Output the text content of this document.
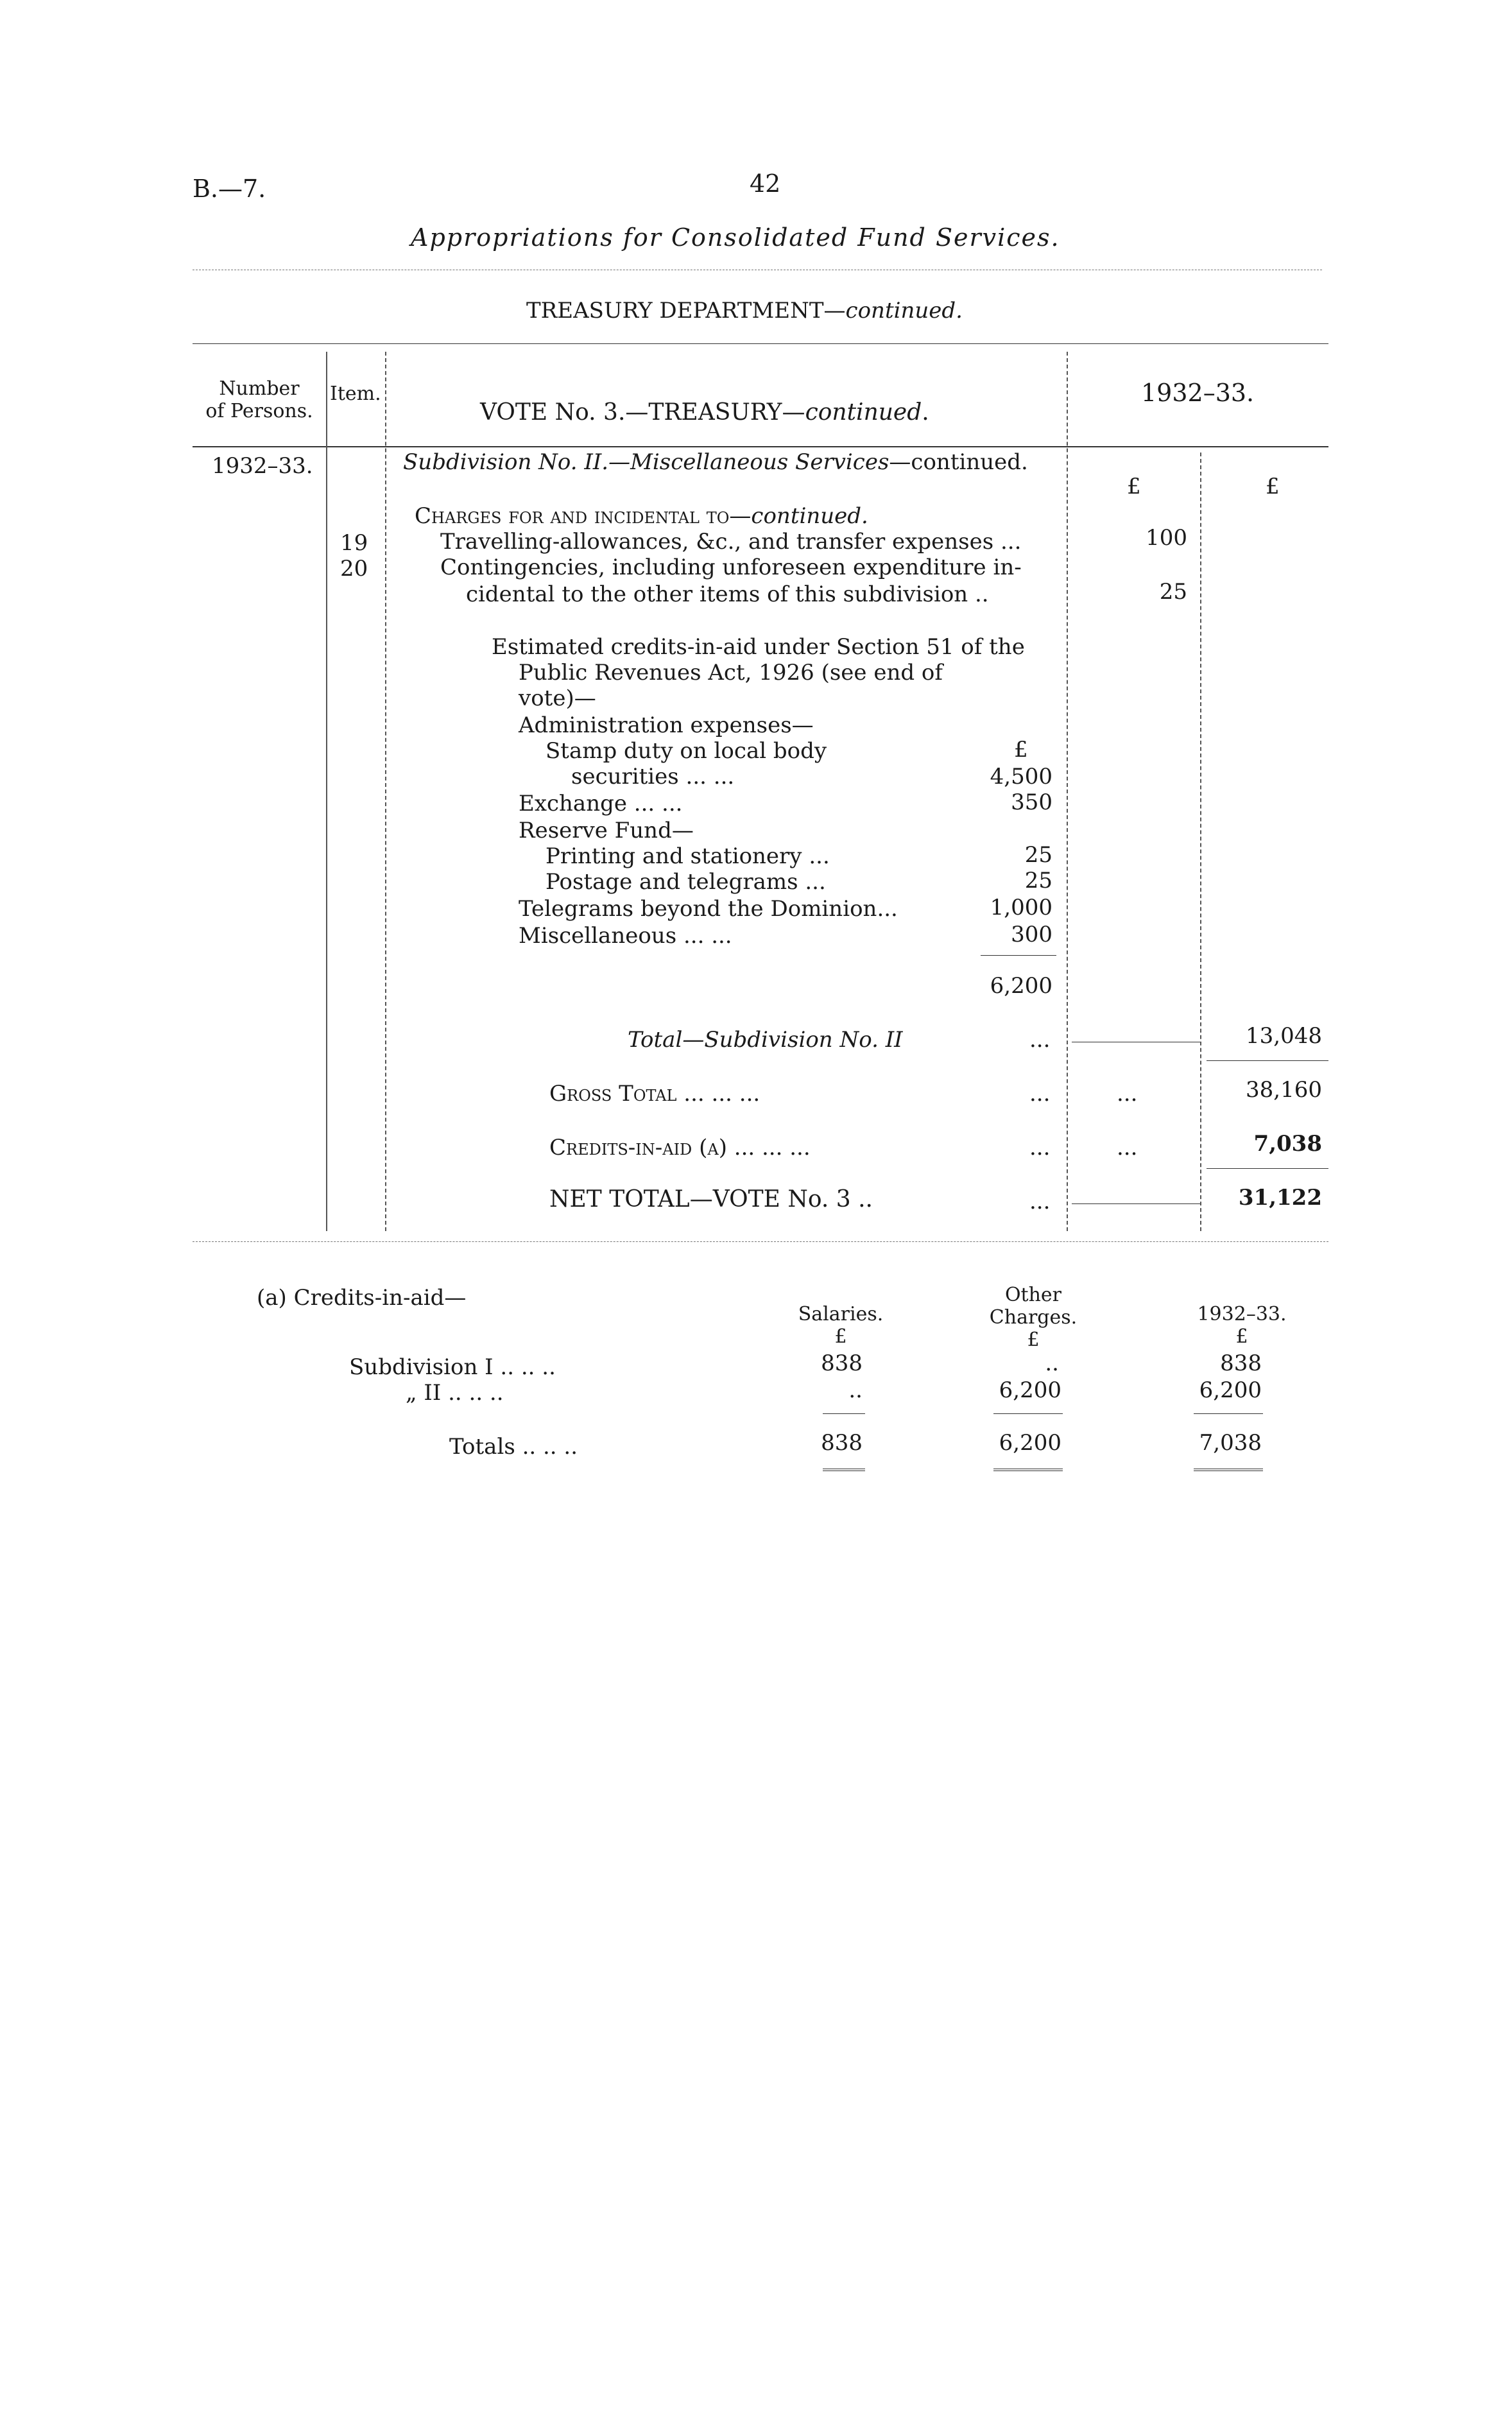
B.—7.	42
Appropriations for Consolidated Fund Services.
TREASURY DEPARTMENT—continued.
Number
of Persons.
Item.
VOTE No. 3.—TREASURY—continued.
1932–33.
1932–33.	Subdivision No. II.—Miscellaneous Services—continued.
£	£
Charges for and incidental to—continued.
19	Travelling-allowances, &c., and transfer expenses ...	100
20	Contingencies, including unforeseen expenditure in-
cidental to the other items of this subdivision ..	25
Estimated credits-in-aid under Section 51 of the
Public Revenues Act, 1926 (see end of
vote)—
Administration expenses—
£
Stamp duty on local body
securities ... ...	4,500
Exchange ... ...	350
Reserve Fund—
Printing and stationery ...	25
Postage and telegrams ...	25
Telegrams beyond the Dominion...	1,000
Miscellaneous ... ...	300
6,200
Total—Subdivision No. II	...	13,048
Gross Total ... ... ...	...	...	38,160
Credits-in-aid (a) ... ... ...	...	...	7,038
NET TOTAL—VOTE No. 3 ..	...	31,122
(a) Credits-in-aid—
Salaries.
£
Other
Charges.
£
1932–33.
£
Subdivision I .. .. ..	838	..	838
„ II .. .. ..	..	6,200	6,200
Totals .. .. ..	838	6,200	7,038
